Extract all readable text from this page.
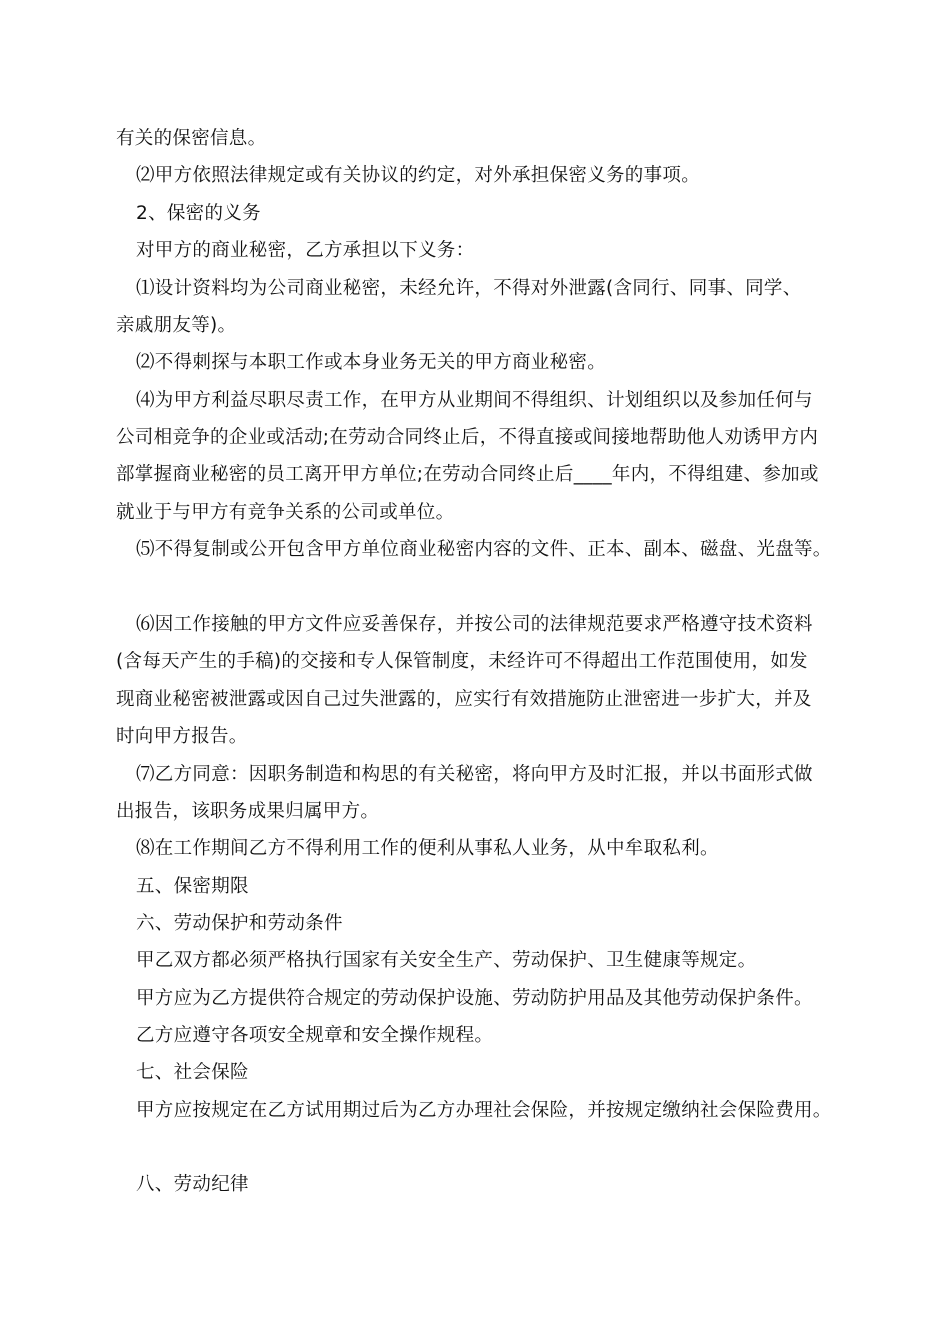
有关的保密信息。
⑵甲方依照法律规定或有关协议的约定，对外承担保密义务的事项。
2、保密的义务
对甲方的商业秘密，乙方承担以下义务：
⑴设计资料均为公司商业秘密，未经允许，不得对外泄露(含同行、同事、同学、
亲戚朋友等)。
⑵不得刺探与本职工作或本身业务无关的甲方商业秘密。
⑷为甲方利益尽职尽责工作，在甲方从业期间不得组织、计划组织以及参加任何与
公司相竞争的企业或活动;在劳动合同终止后，不得直接或间接地帮助他人劝诱甲方内
部掌握商业秘密的员工离开甲方单位;在劳动合同终止后____年内，不得组建、参加或
就业于与甲方有竞争关系的公司或单位。
⑸不得复制或公开包含甲方单位商业秘密内容的文件、正本、副本、磁盘、光盘等。
⑹因工作接触的甲方文件应妥善保存，并按公司的法律规范要求严格遵守技术资料
(含每天产生的手稿)的交接和专人保管制度，未经许可不得超出工作范围使用，如发
现商业秘密被泄露或因自己过失泄露的，应实行有效措施防止泄密进一步扩大，并及
时向甲方报告。
⑺乙方同意：因职务制造和构思的有关秘密，将向甲方及时汇报，并以书面形式做
出报告，该职务成果归属甲方。
⑻在工作期间乙方不得利用工作的便利从事私人业务，从中牟取私利。
五、保密期限
六、劳动保护和劳动条件
甲乙双方都必须严格执行国家有关安全生产、劳动保护、卫生健康等规定。
甲方应为乙方提供符合规定的劳动保护设施、劳动防护用品及其他劳动保护条件。
乙方应遵守各项安全规章和安全操作规程。
七、社会保险
甲方应按规定在乙方试用期过后为乙方办理社会保险，并按规定缴纳社会保险费用。
八、劳动纪律
